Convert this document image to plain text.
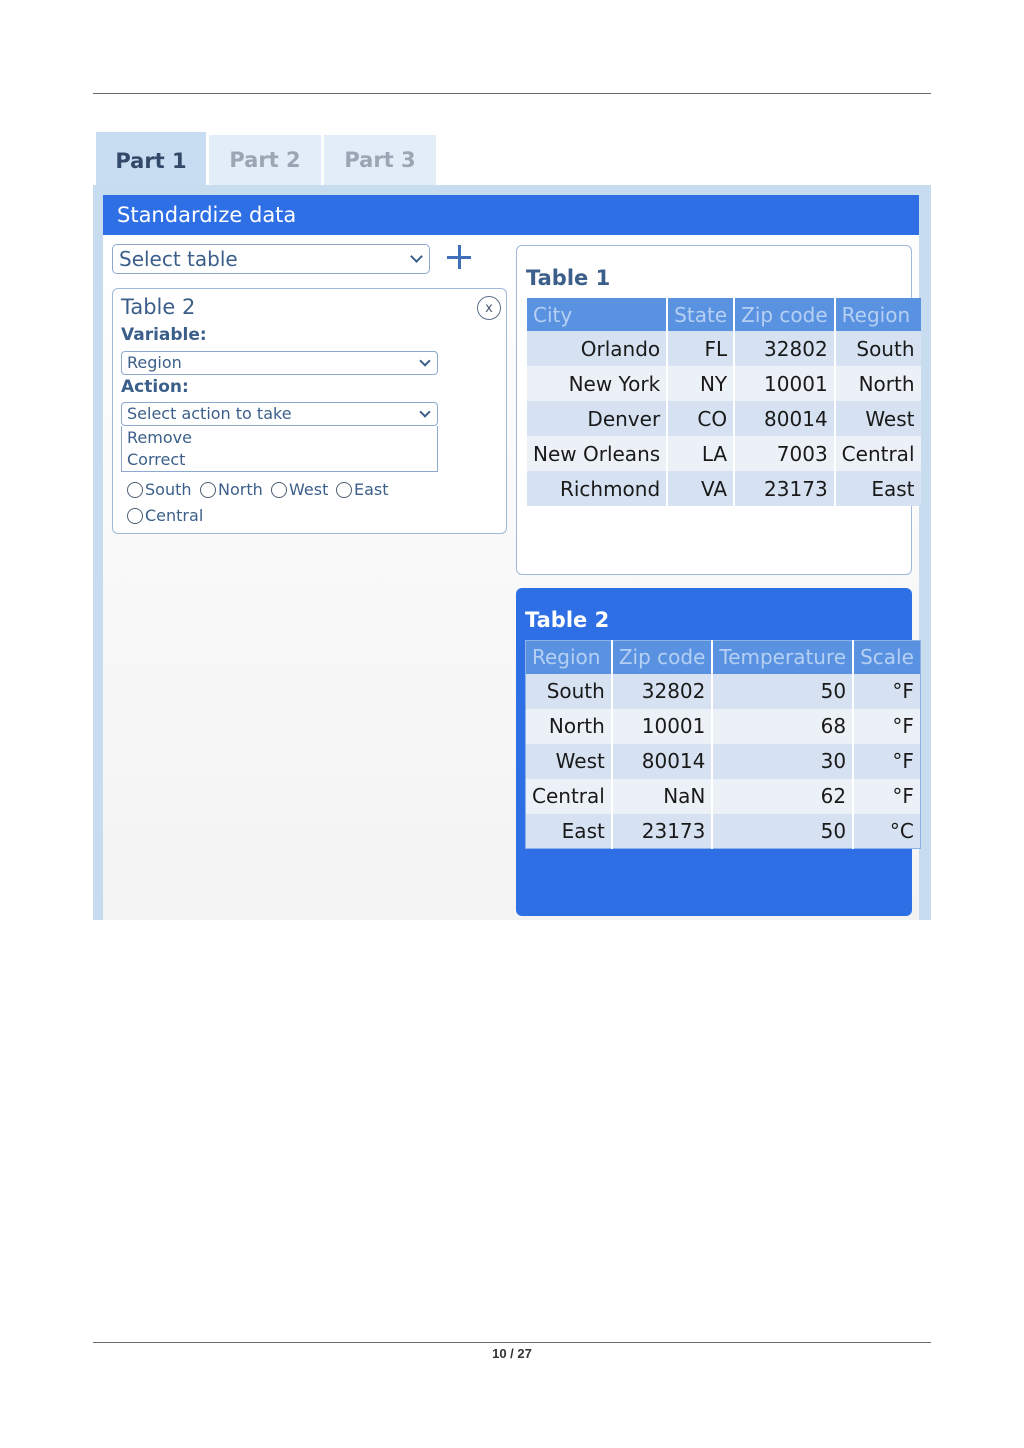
Part 1	Part 2	Part 3
Standardize data
Select table
Table 2	x
Variable:
Region
Action:
Select action to take
Remove
Correct
South North West East
Central
Table 1
City	State	Zip code	Region
Orlando	FL	32802	South
New York	NY	10001	North
Denver	CO	80014	West
New Orleans	LA	7003	Central
Richmond	VA	23173	East
Table 2
Region	Zip code	Temperature	Scale
South	32802	50	°F
North	10001	68	°F
West	80014	30	°F
Central	NaN	62	°F
East	23173	50	°C
10 / 27
